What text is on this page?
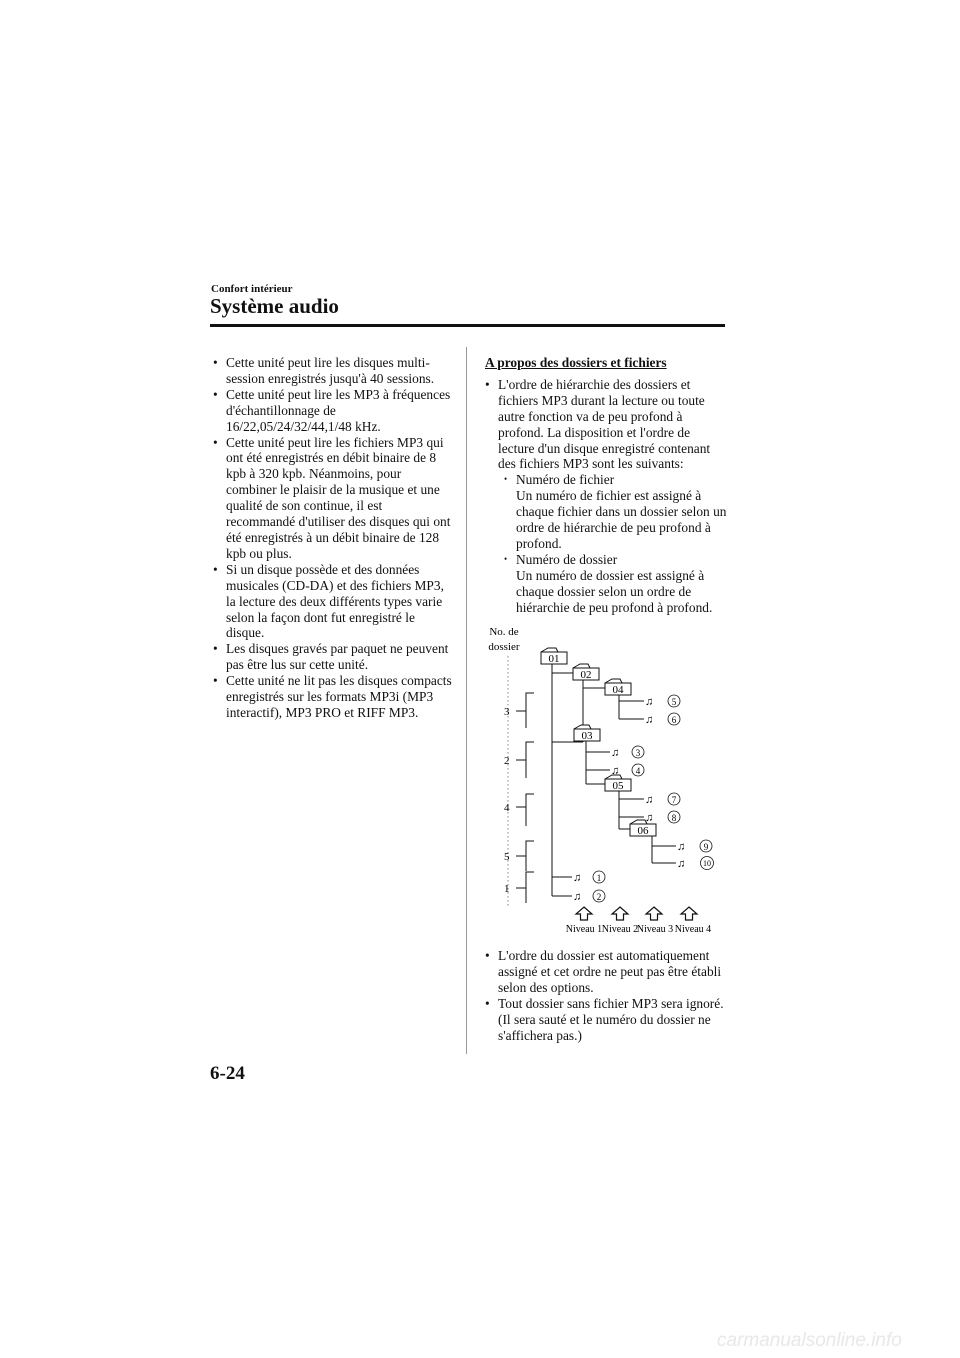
Confort intérieur
Système audio
• Cette unité peut lire les disques multi-session enregistrés jusqu'à 40 sessions.
• Cette unité peut lire les MP3 à fréquences d'échantillonnage de 16/22,05/24/32/44,1/48 kHz.
• Cette unité peut lire les fichiers MP3 qui ont été enregistrés en débit binaire de 8 kpb à 320 kpb. Néanmoins, pour combiner le plaisir de la musique et une qualité de son continue, il est recommandé d'utiliser des disques qui ont été enregistrés à un débit binaire de 128 kpb ou plus.
• Si un disque possède et des données musicales (CD-DA) et des fichiers MP3, la lecture des deux différents types varie selon la façon dont fut enregistré le disque.
• Les disques gravés par paquet ne peuvent pas être lus sur cette unité.
• Cette unité ne lit pas les disques compacts enregistrés sur les formats MP3i (MP3 interactif), MP3 PRO et RIFF MP3.
A propos des dossiers et fichiers
• L'ordre de hiérarchie des dossiers et fichiers MP3 durant la lecture ou toute autre fonction va de peu profond à profond. La disposition et l'ordre de lecture d'un disque enregistré contenant des fichiers MP3 sont les suivants:
• Numéro de fichier
Un numéro de fichier est assigné à chaque fichier dans un dossier selon un ordre de hiérarchie de peu profond à profond.
• Numéro de dossier
Un numéro de dossier est assigné à chaque dossier selon un ordre de hiérarchie de peu profond à profond.
No. de
dossier
3
2
4
5
1
01
02
04
03
05
06
♫ 5
♫ 6
♫ 3
♫ 4
♫ 7
♫ 8
♫ 9
♫ 10
♫ 1
♫ 2
Niveau 1 Niveau 2
Niveau 3 Niveau 4
• L'ordre du dossier est automatiquement assigné et cet ordre ne peut pas être établi selon des options.
• Tout dossier sans fichier MP3 sera ignoré. (Il sera sauté et le numéro du dossier ne s'affichera pas.)
6-24
carmanualsonline.info
